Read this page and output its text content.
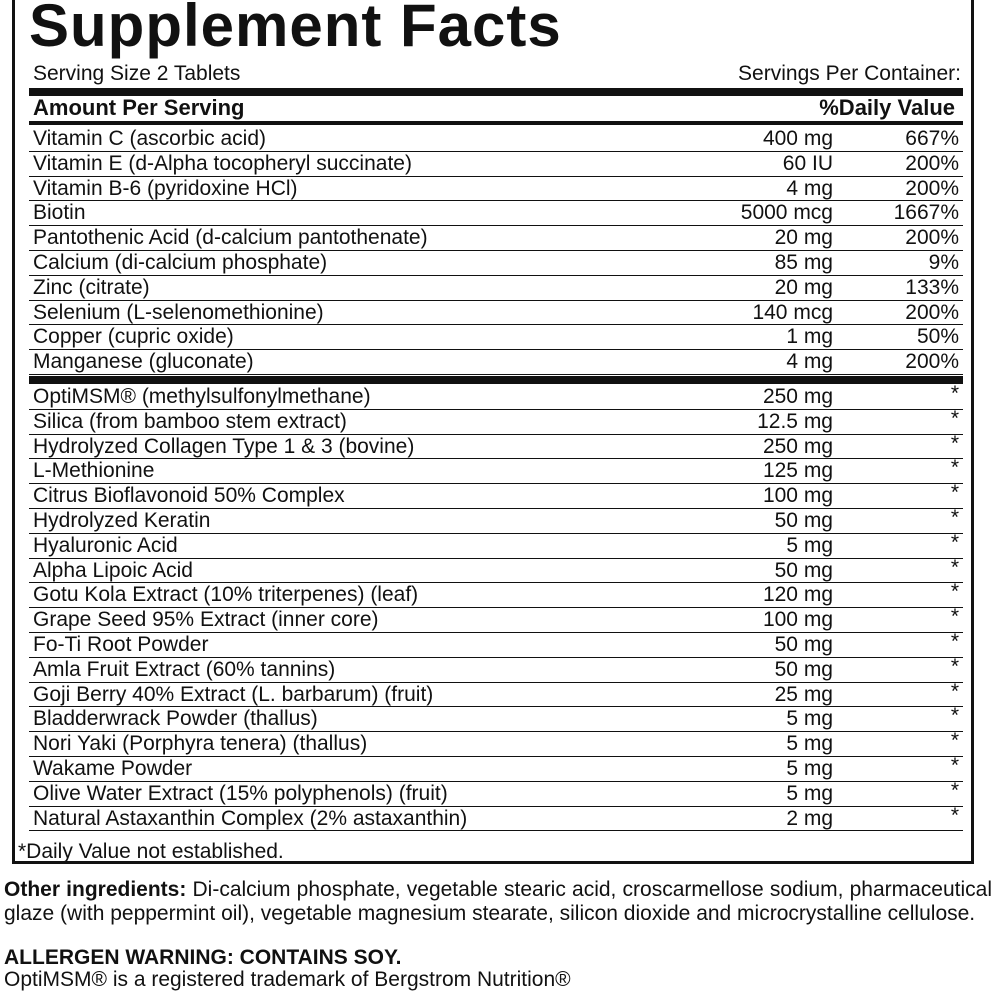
Supplement Facts
Serving Size 2 Tablets	Servings Per Container:
Amount Per Serving	%Daily Value
Vitamin C (ascorbic acid)	400 mg	667%
Vitamin E (d-Alpha tocopheryl succinate)	60 IU	200%
Vitamin B-6 (pyridoxine HCl)	4 mg	200%
Biotin	5000 mcg	1667%
Pantothenic Acid (d-calcium pantothenate)	20 mg	200%
Calcium (di-calcium phosphate)	85 mg	9%
Zinc (citrate)	20 mg	133%
Selenium (L-selenomethionine)	140 mcg	200%
Copper (cupric oxide)	1 mg	50%
Manganese (gluconate)	4 mg	200%
OptiMSM® (methylsulfonylmethane)	250 mg	*
Silica (from bamboo stem extract)	12.5 mg	*
Hydrolyzed Collagen Type 1 & 3 (bovine)	250 mg	*
L-Methionine	125 mg	*
Citrus Bioflavonoid 50% Complex	100 mg	*
Hydrolyzed Keratin	50 mg	*
Hyaluronic Acid	5 mg	*
Alpha Lipoic Acid	50 mg	*
Gotu Kola Extract (10% triterpenes) (leaf)	120 mg	*
Grape Seed 95% Extract (inner core)	100 mg	*
Fo-Ti Root Powder	50 mg	*
Amla Fruit Extract (60% tannins)	50 mg	*
Goji Berry 40% Extract (L. barbarum) (fruit)	25 mg	*
Bladderwrack Powder (thallus)	5 mg	*
Nori Yaki (Porphyra tenera) (thallus)	5 mg	*
Wakame Powder	5 mg	*
Olive Water Extract (15% polyphenols) (fruit)	5 mg	*
Natural Astaxanthin Complex (2% astaxanthin)	2 mg	*
*Daily Value not established.
Other ingredients: Di-calcium phosphate, vegetable stearic acid, croscarmellose sodium, pharmaceutical glaze (with peppermint oil), vegetable magnesium stearate, silicon dioxide and microcrystalline cellulose.
ALLERGEN WARNING: CONTAINS SOY.
OptiMSM® is a registered trademark of Bergstrom Nutrition®
